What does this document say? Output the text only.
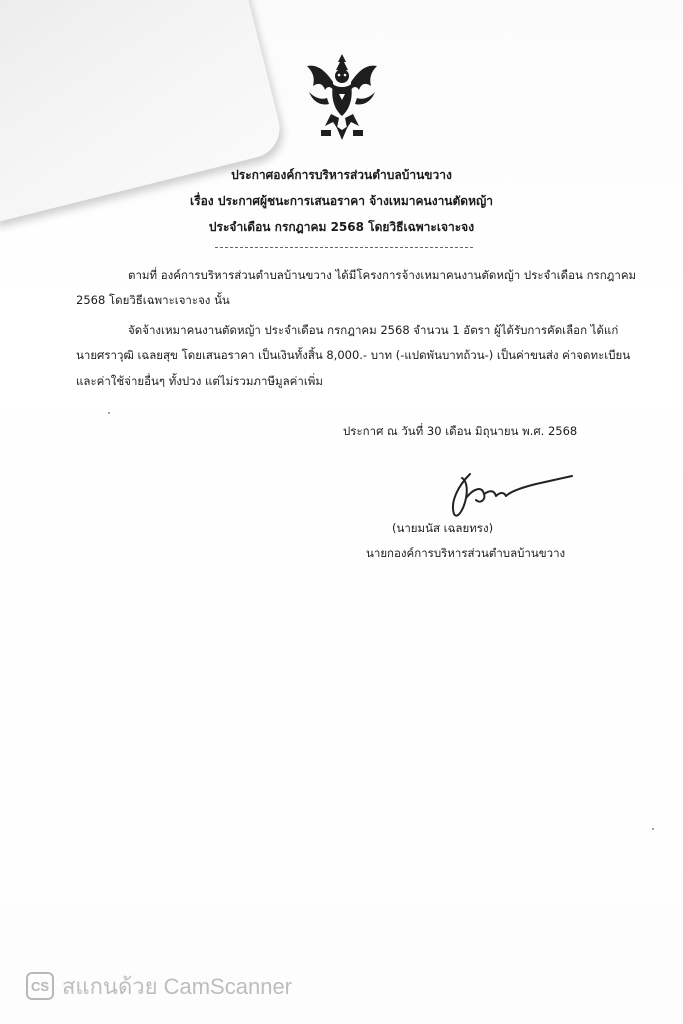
ประกาศองค์การบริหารส่วนตำบลบ้านขวาง
เรื่อง ประกาศผู้ชนะการเสนอราคา จ้างเหมาคนงานตัดหญ้า
ประจำเดือน กรกฎาคม 2568 โดยวิธีเฉพาะเจาะจง
ตามที่ องค์การบริหารส่วนตำบลบ้านขวาง ได้มีโครงการจ้างเหมาคนงานตัดหญ้า ประจำเดือน กรกฎาคม
2568 โดยวิธีเฉพาะเจาะจง นั้น
จัดจ้างเหมาคนงานตัดหญ้า ประจำเดือน กรกฎาคม 2568 จำนวน 1 อัตรา ผู้ได้รับการคัดเลือก ได้แก่
นายศราวุฒิ เฉลยสุข โดยเสนอราคา เป็นเงินทั้งสิ้น 8,000.- บาท (-แปดพันบาทถ้วน-) เป็นค่าขนส่ง ค่าจดทะเบียน
และค่าใช้จ่ายอื่นๆ ทั้งปวง แต่ไม่รวมภาษีมูลค่าเพิ่ม
ประกาศ ณ วันที่ 30 เดือน มิถุนายน พ.ศ. 2568
(นายมนัส เฉลยทรง)
นายกองค์การบริหารส่วนตำบลบ้านขวาง
CS สแกนด้วย CamScanner
